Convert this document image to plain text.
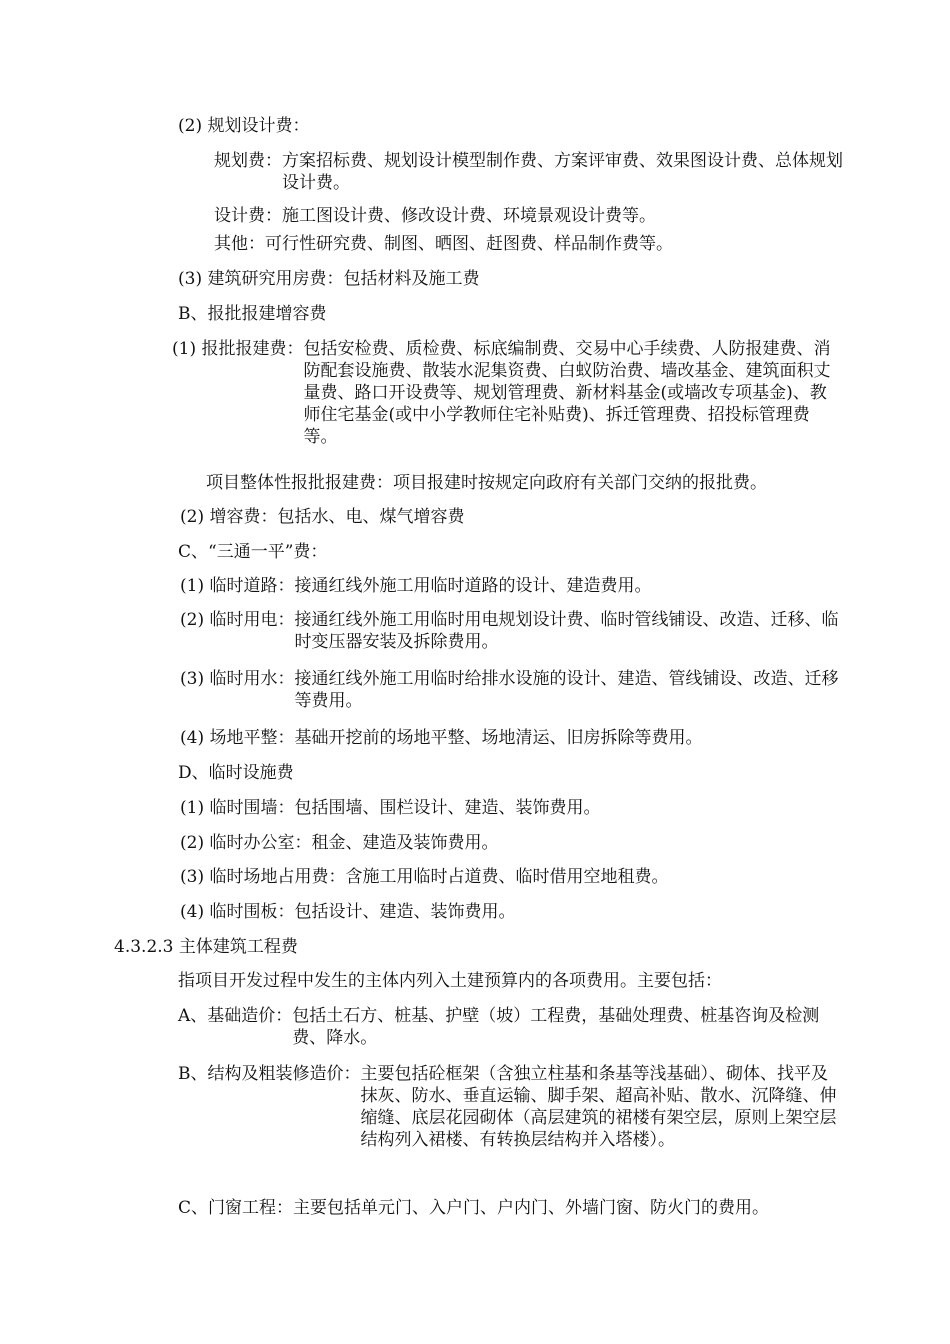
(2) 规划设计费：
规划费： 方案招标费、规划设计模型制作费、方案评审费、效果图设计费、总体规划设计费。
设计费： 施工图设计费、修改设计费、环境景观设计费等。
其他： 可行性研究费、制图、晒图、赶图费、样品制作费等。
(3) 建筑研究用房费：包括材料及施工费
B、报批报建增容费
(1) 报批报建费： 包括安检费、质检费、标底编制费、交易中心手续费、人防报建费、消防配套设施费、散装水泥集资费、白蚁防治费、墙改基金、建筑面积丈量费、路口开设费等、规划管理费、新材料基金(或墙改专项基金)、教师住宅基金(或中小学教师住宅补贴费)、拆迁管理费、招投标管理费等。
项目整体性报批报建费：项目报建时按规定向政府有关部门交纳的报批费。
(2) 增容费：包括水、电、煤气增容费
C、“三通一平”费：
(1) 临时道路：接通红线外施工用临时道路的设计、建造费用。
(2) 临时用电： 接通红线外施工用临时用电规划设计费、临时管线铺设、改造、迁移、临时变压器安装及拆除费用。
(3) 临时用水： 接通红线外施工用临时给排水设施的设计、建造、管线铺设、改造、迁移等费用。
(4) 场地平整：基础开挖前的场地平整、场地清运、旧房拆除等费用。
D、临时设施费
(1) 临时围墙：包括围墙、围栏设计、建造、装饰费用。
(2) 临时办公室：租金、建造及装饰费用。
(3) 临时场地占用费：含施工用临时占道费、临时借用空地租费。
(4) 临时围板：包括设计、建造、装饰费用。
4.3.2.3 主体建筑工程费
指项目开发过程中发生的主体内列入土建预算内的各项费用。主要包括：
A、基础造价： 包括土石方、桩基、护壁（坡）工程费，基础处理费、桩基咨询及检测费、降水。
B、结构及粗装修造价： 主要包括砼框架（含独立柱基和条基等浅基础）、砌体、找平及抹灰、防水、垂直运输、脚手架、超高补贴、散水、沉降缝、伸缩缝、底层花园砌体（高层建筑的裙楼有架空层，原则上架空层结构列入裙楼、有转换层结构并入塔楼）。
C、门窗工程：主要包括单元门、入户门、户内门、外墙门窗、防火门的费用。
